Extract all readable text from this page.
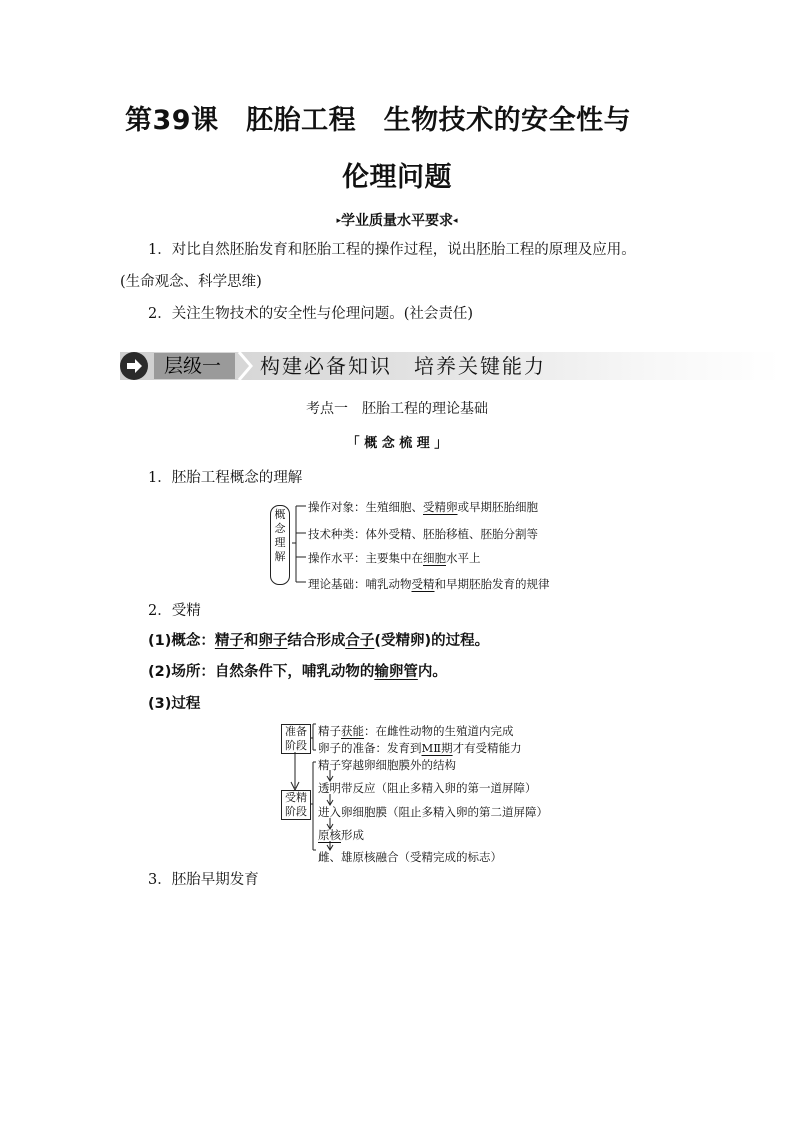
第39课　胚胎工程　生物技术的安全性与
伦理问题
▸学业质量水平要求◂
1．对比自然胚胎发育和胚胎工程的操作过程，说出胚胎工程的原理及应用。
(生命观念、科学思维)
2．关注生物技术的安全性与伦理问题。(社会责任)
层级一	构建必备知识　培养关键能力
考点一　胚胎工程的理论基础
「 概 念 梳 理 」
1．胚胎工程概念的理解
概
念
理
解
操作对象：生殖细胞、受精卵或早期胚胎细胞
技术种类：体外受精、胚胎移植、胚胎分割等
操作水平：主要集中在细胞水平上
理论基础：哺乳动物受精和早期胚胎发育的规律
2．受精
(1)概念：精子和卵子结合形成合子(受精卵)的过程。
(2)场所：自然条件下，哺乳动物的输卵管内。
(3)过程
准备
阶段
受精
阶段
精子获能：在雌性动物的生殖道内完成
卵子的准备：发育到MⅡ期才有受精能力
精子穿越卵细胞膜外的结构
透明带反应（阻止多精入卵的第一道屏障）
进入卵细胞膜（阻止多精入卵的第二道屏障）
原核形成
雌、雄原核融合（受精完成的标志）
3．胚胎早期发育
